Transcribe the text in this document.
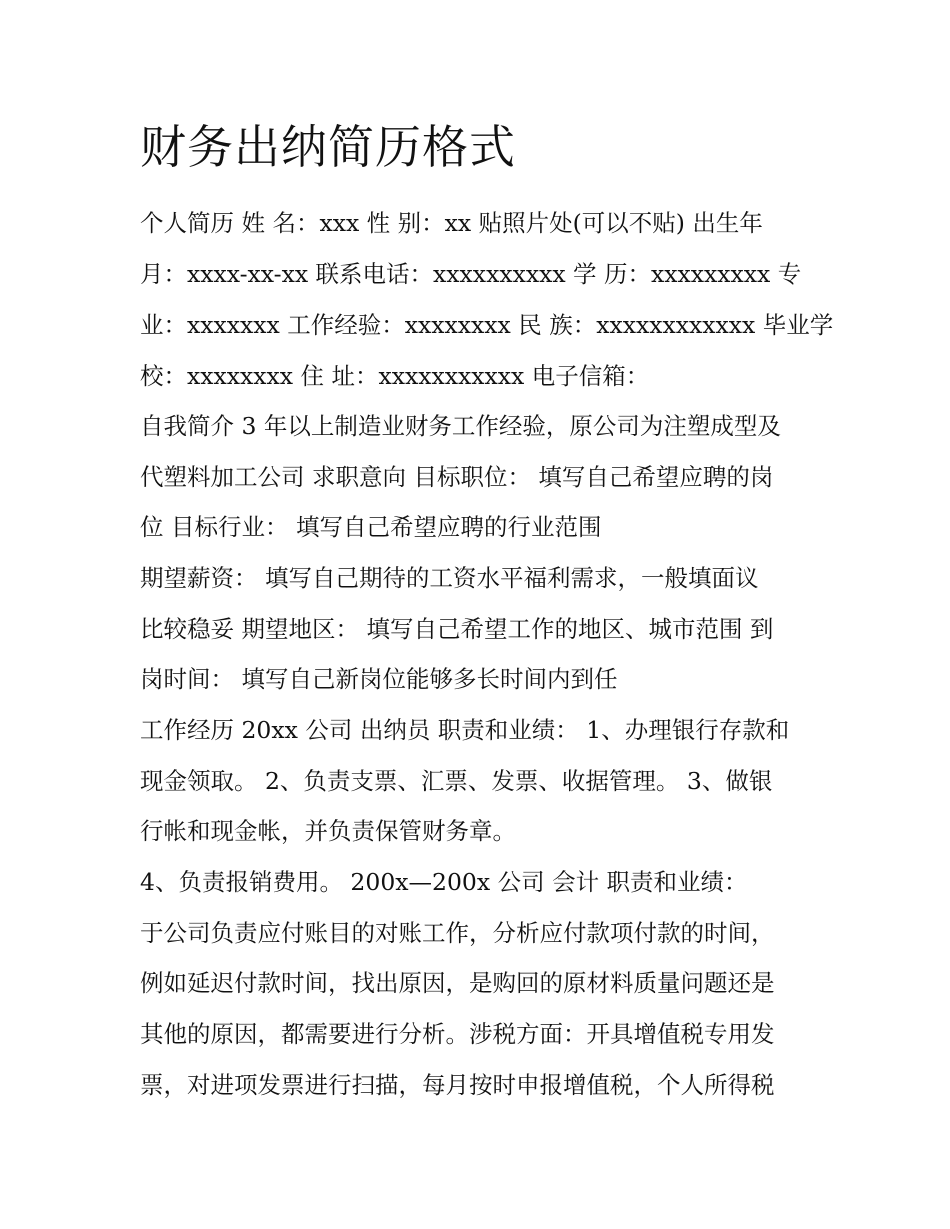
财务出纳简历格式

个人简历 姓 名：xxx 性 别：xx 贴照片处(可以不贴) 出生年

月：xxxx-xx-xx 联系电话：xxxxxxxxxx 学 历：xxxxxxxxx 专

业：xxxxxxx 工作经验：xxxxxxxx 民 族：xxxxxxxxxxxx 毕业学

校：xxxxxxxx 住 址：xxxxxxxxxxx 电子信箱：

自我简介 3 年以上制造业财务工作经验，原公司为注塑成型及

代塑料加工公司 求职意向 目标职位： 填写自己希望应聘的岗

位 目标行业： 填写自己希望应聘的行业范围

期望薪资： 填写自己期待的工资水平福利需求，一般填面议

比较稳妥 期望地区： 填写自己希望工作的地区、城市范围 到

岗时间： 填写自己新岗位能够多长时间内到任

工作经历 20xx 公司 出纳员 职责和业绩： 1、办理银行存款和

现金领取。 2、负责支票、汇票、发票、收据管理。 3、做银

行帐和现金帐，并负责保管财务章。

4、负责报销费用。 200x—200x 公司 会计 职责和业绩：

于公司负责应付账目的对账工作，分析应付款项付款的时间，

例如延迟付款时间，找出原因，是购回的原材料质量问题还是

其他的原因，都需要进行分析。涉税方面：开具增值税专用发

票，对进项发票进行扫描，每月按时申报增值税，个人所得税
